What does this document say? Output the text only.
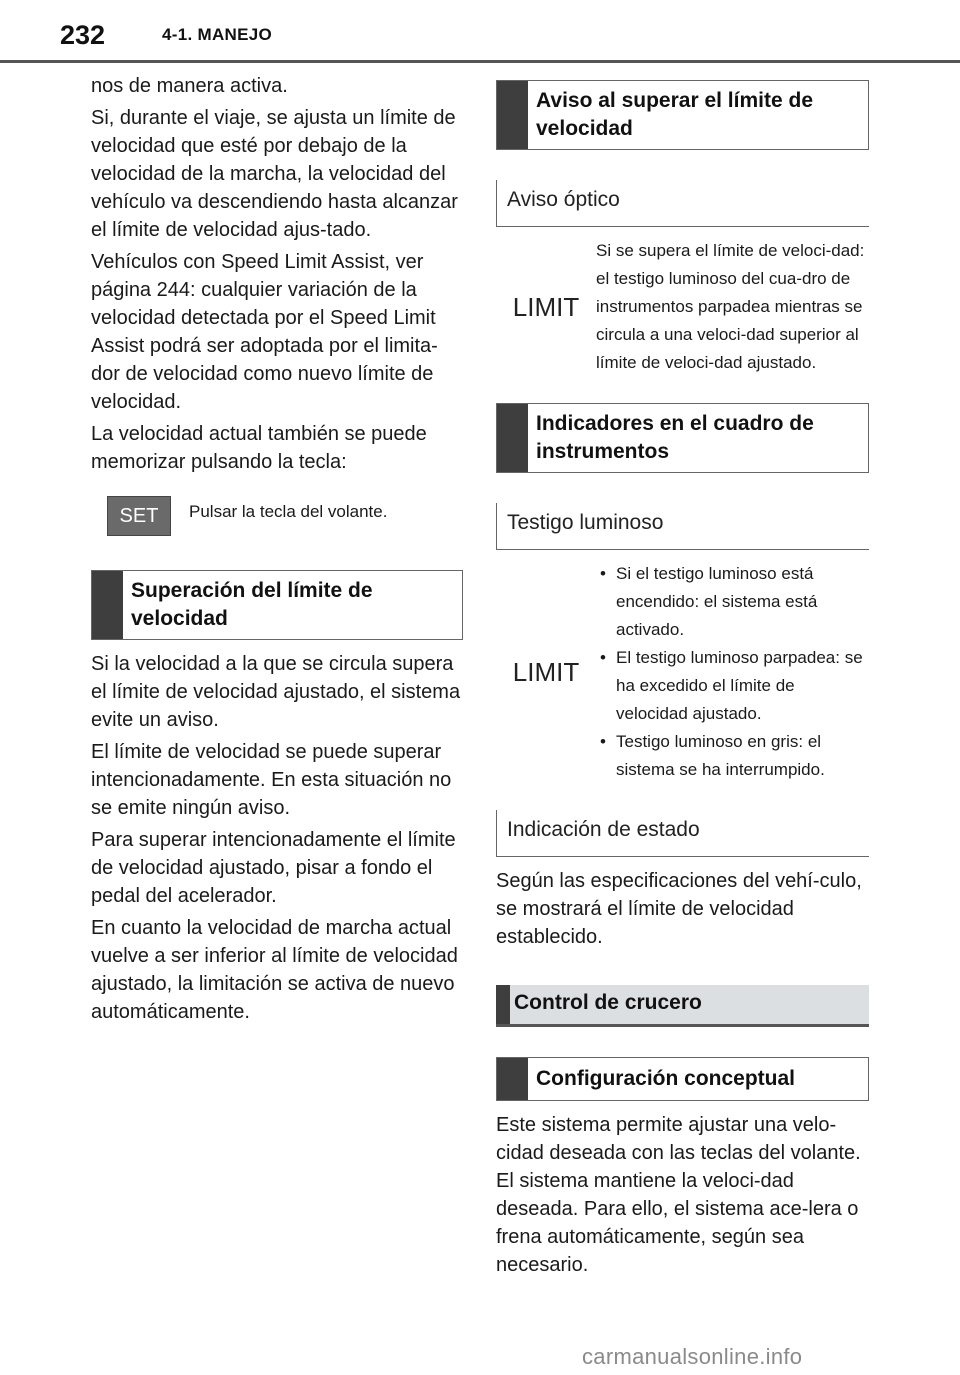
232	4-1. MANEJO

nos de manera activa.

Si, durante el viaje, se ajusta un límite de velocidad que esté por debajo de la velocidad de la marcha, la velocidad del vehículo va descendiendo hasta alcanzar el límite de velocidad ajus-tado.

Vehículos con Speed Limit Assist, ver página 244: cualquier variación de la velocidad detectada por el Speed Limit Assist podrá ser adoptada por el limita-dor de velocidad como nuevo límite de velocidad.

La velocidad actual también se puede memorizar pulsando la tecla:

SET	Pulsar la tecla del volante.
Superación del límite de velocidad

Si la velocidad a la que se circula supera el límite de velocidad ajustado, el sistema evite un aviso.

El límite de velocidad se puede superar intencionadamente. En esta situación no se emite ningún aviso.

Para superar intencionadamente el límite de velocidad ajustado, pisar a fondo el pedal del acelerador.

En cuanto la velocidad de marcha actual vuelve a ser inferior al límite de velocidad ajustado, la limitación se activa de nuevo automáticamente.

Aviso al superar el límite de velocidad
Aviso óptico
LIMIT
Si se supera el límite de veloci-dad: el testigo luminoso del cua-dro de instrumentos parpadea mientras se circula a una veloci-dad superior al límite de veloci-dad ajustado.
Indicadores en el cuadro de instrumentos
Testigo luminoso
LIMIT
• Si el testigo luminoso está encendido: el sistema está activado.
• El testigo luminoso parpadea: se ha excedido el límite de velocidad ajustado.
• Testigo luminoso en gris: el sistema se ha interrumpido.
Indicación de estado

Según las especificaciones del vehí-culo, se mostrará el límite de velocidad establecido.

Control de crucero
Configuración conceptual

Este sistema permite ajustar una velo-cidad deseada con las teclas del volante. El sistema mantiene la veloci-dad deseada. Para ello, el sistema ace-lera o frena automáticamente, según sea necesario.

carmanualsonline.info
